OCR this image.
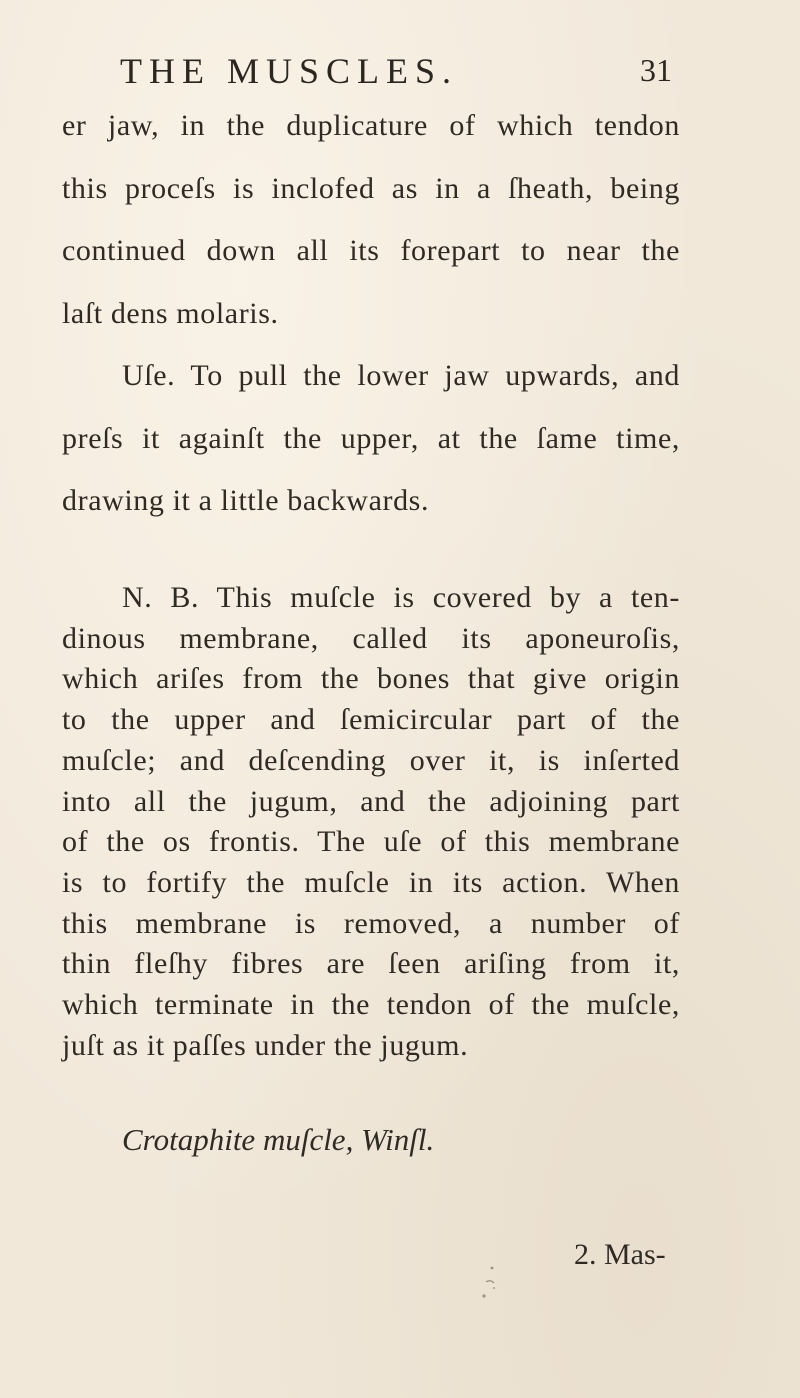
THE MUSCLES.	31
er jaw, in the duplicature of which tendon
this proceſs is inclofed as in a ſheath, being
continued down all its forepart to near the
laſt dens molaris.
Uſe. To pull the lower jaw upwards, and
preſs it againſt the upper, at the ſame time,
drawing it a little backwards.
N. B. This muſcle is covered by a ten-
dinous membrane, called its aponeuroſis,
which ariſes from the bones that give origin
to the upper and ſemicircular part of the
muſcle; and deſcending over it, is inſerted
into all the jugum, and the adjoining part
of the os frontis. The uſe of this membrane
is to fortify the muſcle in its action. When
this membrane is removed, a number of
thin fleſhy fibres are ſeen ariſing from it,
which terminate in the tendon of the muſcle,
juſt as it paſſes under the jugum.
Crotaphite muſcle, Winſl.
2. Mas-
